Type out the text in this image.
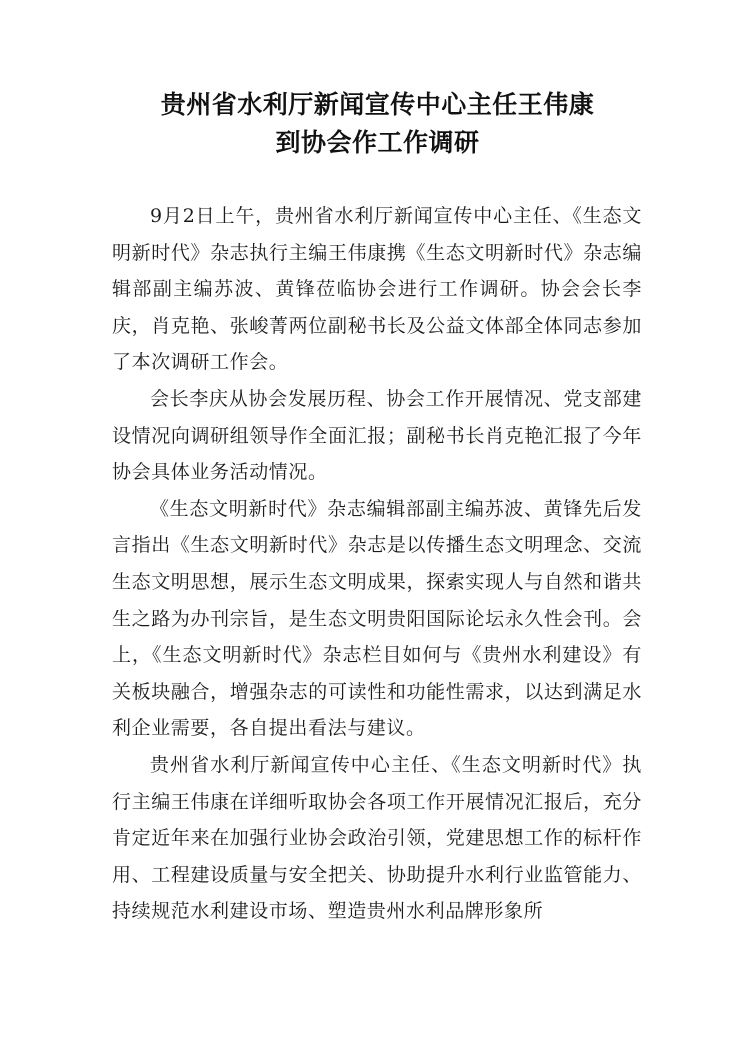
贵州省水利厅新闻宣传中心主任王伟康
到协会作工作调研

9月2日上午，贵州省水利厅新闻宣传中心主任、《生态文明新时代》杂志执行主编王伟康携《生态文明新时代》杂志编辑部副主编苏波、黄锋莅临协会进行工作调研。协会会长李庆，肖克艳、张峻菁两位副秘书长及公益文体部全体同志参加了本次调研工作会。

会长李庆从协会发展历程、协会工作开展情况、党支部建设情况向调研组领导作全面汇报；副秘书长肖克艳汇报了今年协会具体业务活动情况。

《生态文明新时代》杂志编辑部副主编苏波、黄锋先后发言指出《生态文明新时代》杂志是以传播生态文明理念、交流生态文明思想，展示生态文明成果，探索实现人与自然和谐共生之路为办刊宗旨，是生态文明贵阳国际论坛永久性会刊。会上，《生态文明新时代》杂志栏目如何与《贵州水利建设》有关板块融合，增强杂志的可读性和功能性需求，以达到满足水利企业需要，各自提出看法与建议。

贵州省水利厅新闻宣传中心主任、《生态文明新时代》执行主编王伟康在详细听取协会各项工作开展情况汇报后，充分肯定近年来在加强行业协会政治引领，党建思想工作的标杆作用、工程建设质量与安全把关、协助提升水利行业监管能力、持续规范水利建设市场、塑造贵州水利品牌形象所
